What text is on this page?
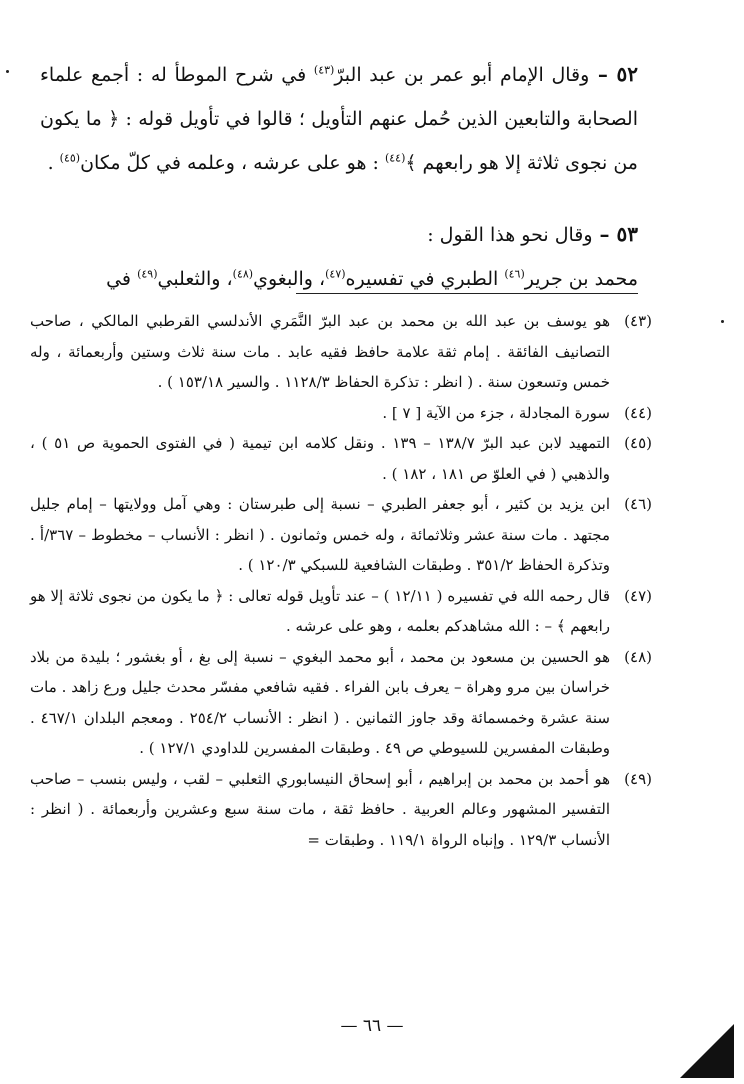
٥٢ – وقال الإمام أبو عمر بن عبد البرّ$^{(٤٣)}$ في شرح الموطأ له : أجمع علماء الصحابة والتابعين الذين حُمل عنهم التأويل ؛ قالوا في تأويل قوله : ﴿ ما يكون من نجوى ثلاثة إلا هو رابعهم ﴾$^{(٤٤)}$ : هو على عرشه ، وعلمه في كلّ مكان$^{(٤٥)}$ .

٥٣ – وقال نحو هذا القول :

محمد بن جرير$^{(٤٦)}$ الطبري في تفسيره$^{(٤٧)}$، والبغوي$^{(٤٨)}$، والثعلبي$^{(٤٩)}$ في

(٤٣)هو يوسف بن عبد الله بن محمد بن عبد البرّ النَّمَري الأندلسي القرطبي المالكي ، صاحب التصانيف الفائقة . إمام ثقة علامة حافظ فقيه عابد . مات سنة ثلاث وستين وأربعمائة ، وله خمس وتسعون سنة . ( انظر : تذكرة الحفاظ ١١٢٨/٣ . والسير ١٥٣/١٨ ) .

(٤٤)سورة المجادلة ، جزء من الآية [ ٧ ] .

(٤٥)التمهيد لابن عبد البرّ ١٣٨/٧ – ١٣٩ . ونقل كلامه ابن تيمية ( في الفتوى الحموية ص ٥١ ) ، والذهبي ( في العلوّ ص ١٨١ ، ١٨٢ ) .

(٤٦)ابن يزيد بن كثير ، أبو جعفر الطبري – نسبة إلى طبرستان : وهي آمل وولايتها – إمام جليل مجتهد . مات سنة عشر وثلاثمائة ، وله خمس وثمانون . ( انظر : الأنساب – مخطوط – ٣٦٧/أ . وتذكرة الحفاظ ٣٥١/٢ . وطبقات الشافعية للسبكي ١٢٠/٣ ) .

(٤٧)قال رحمه الله في تفسيره ( ١٢/١١ ) – عند تأويل قوله تعالى : ﴿ ما يكون من نجوى ثلاثة إلا هو رابعهم ﴾ – : الله مشاهدكم بعلمه ، وهو على عرشه .

(٤٨)هو الحسين بن مسعود بن محمد ، أبو محمد البغوي – نسبة إلى بغ ، أو بغشور ؛ بليدة من بلاد خراسان بين مرو وهراة – يعرف بابن الفراء . فقيه شافعي مفسّر محدث جليل ورع زاهد . مات سنة عشرة وخمسمائة وقد جاوز الثمانين . ( انظر : الأنساب ٢٥٤/٢ . ومعجم البلدان ٤٦٧/١ . وطبقات المفسرين للسيوطي ص ٤٩ . وطبقات المفسرين للداودي ١٢٧/١ ) .

(٤٩)هو أحمد بن محمد بن إبراهيم ، أبو إسحاق النيسابوري الثعلبي – لقب ، وليس بنسب – صاحب التفسير المشهور وعالم العربية . حافظ ثقة ، مات سنة سبع وعشرين وأربعمائة . ( انظر : الأنساب ١٢٩/٣ . وإنباه الرواة ١١٩/١ . وطبقات =

— ٦٦ —
